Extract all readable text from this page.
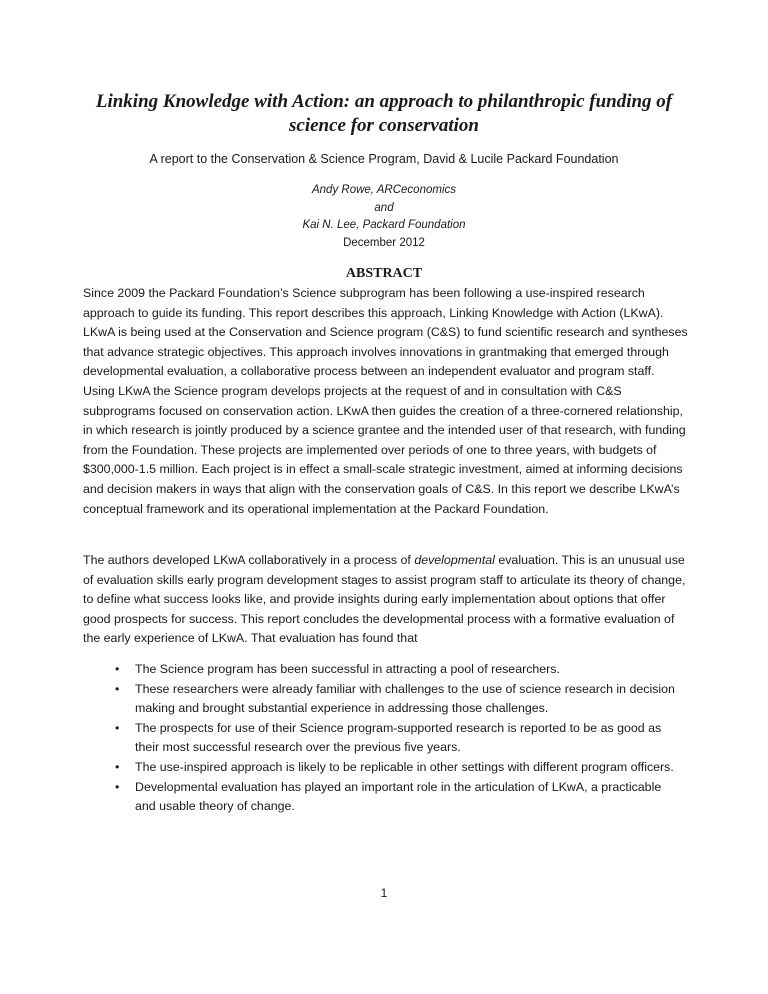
Linking Knowledge with Action: an approach to philanthropic funding of science for conservation

A report to the Conservation & Science Program, David & Lucile Packard Foundation

Andy Rowe, ARCeconomics
and
Kai N. Lee, Packard Foundation
December 2012
ABSTRACT

Since 2009 the Packard Foundation’s Science subprogram has been following a use-inspired research approach to guide its funding. This report describes this approach, Linking Knowledge with Action (LKwA). LKwA is being used at the Conservation and Science program (C&S) to fund scientific research and syntheses that advance strategic objectives. This approach involves innovations in grantmaking that emerged through developmental evaluation, a collaborative process between an independent evaluator and program staff. Using LKwA the Science program develops projects at the request of and in consultation with C&S subprograms focused on conservation action. LKwA then guides the creation of a three-cornered relationship, in which research is jointly produced by a science grantee and the intended user of that research, with funding from the Foundation. These projects are implemented over periods of one to three years, with budgets of $300,000-1.5 million. Each project is in effect a small-scale strategic investment, aimed at informing decisions and decision makers in ways that align with the conservation goals of C&S. In this report we describe LKwA’s conceptual framework and its operational implementation at the Packard Foundation.

The authors developed LKwA collaboratively in a process of developmental evaluation. This is an unusual use of evaluation skills early program development stages to assist program staff to articulate its theory of change, to define what success looks like, and provide insights during early implementation about options that offer good prospects for success. This report concludes the developmental process with a formative evaluation of the early experience of LKwA. That evaluation has found that

•	The Science program has been successful in attracting a pool of researchers.
•	These researchers were already familiar with challenges to the use of science research in decision making and brought substantial experience in addressing those challenges.
•	The prospects for use of their Science program-supported research is reported to be as good as their most successful research over the previous five years.
•	The use-inspired approach is likely to be replicable in other settings with different program officers.
•	Developmental evaluation has played an important role in the articulation of LKwA, a practicable and usable theory of change.

1
